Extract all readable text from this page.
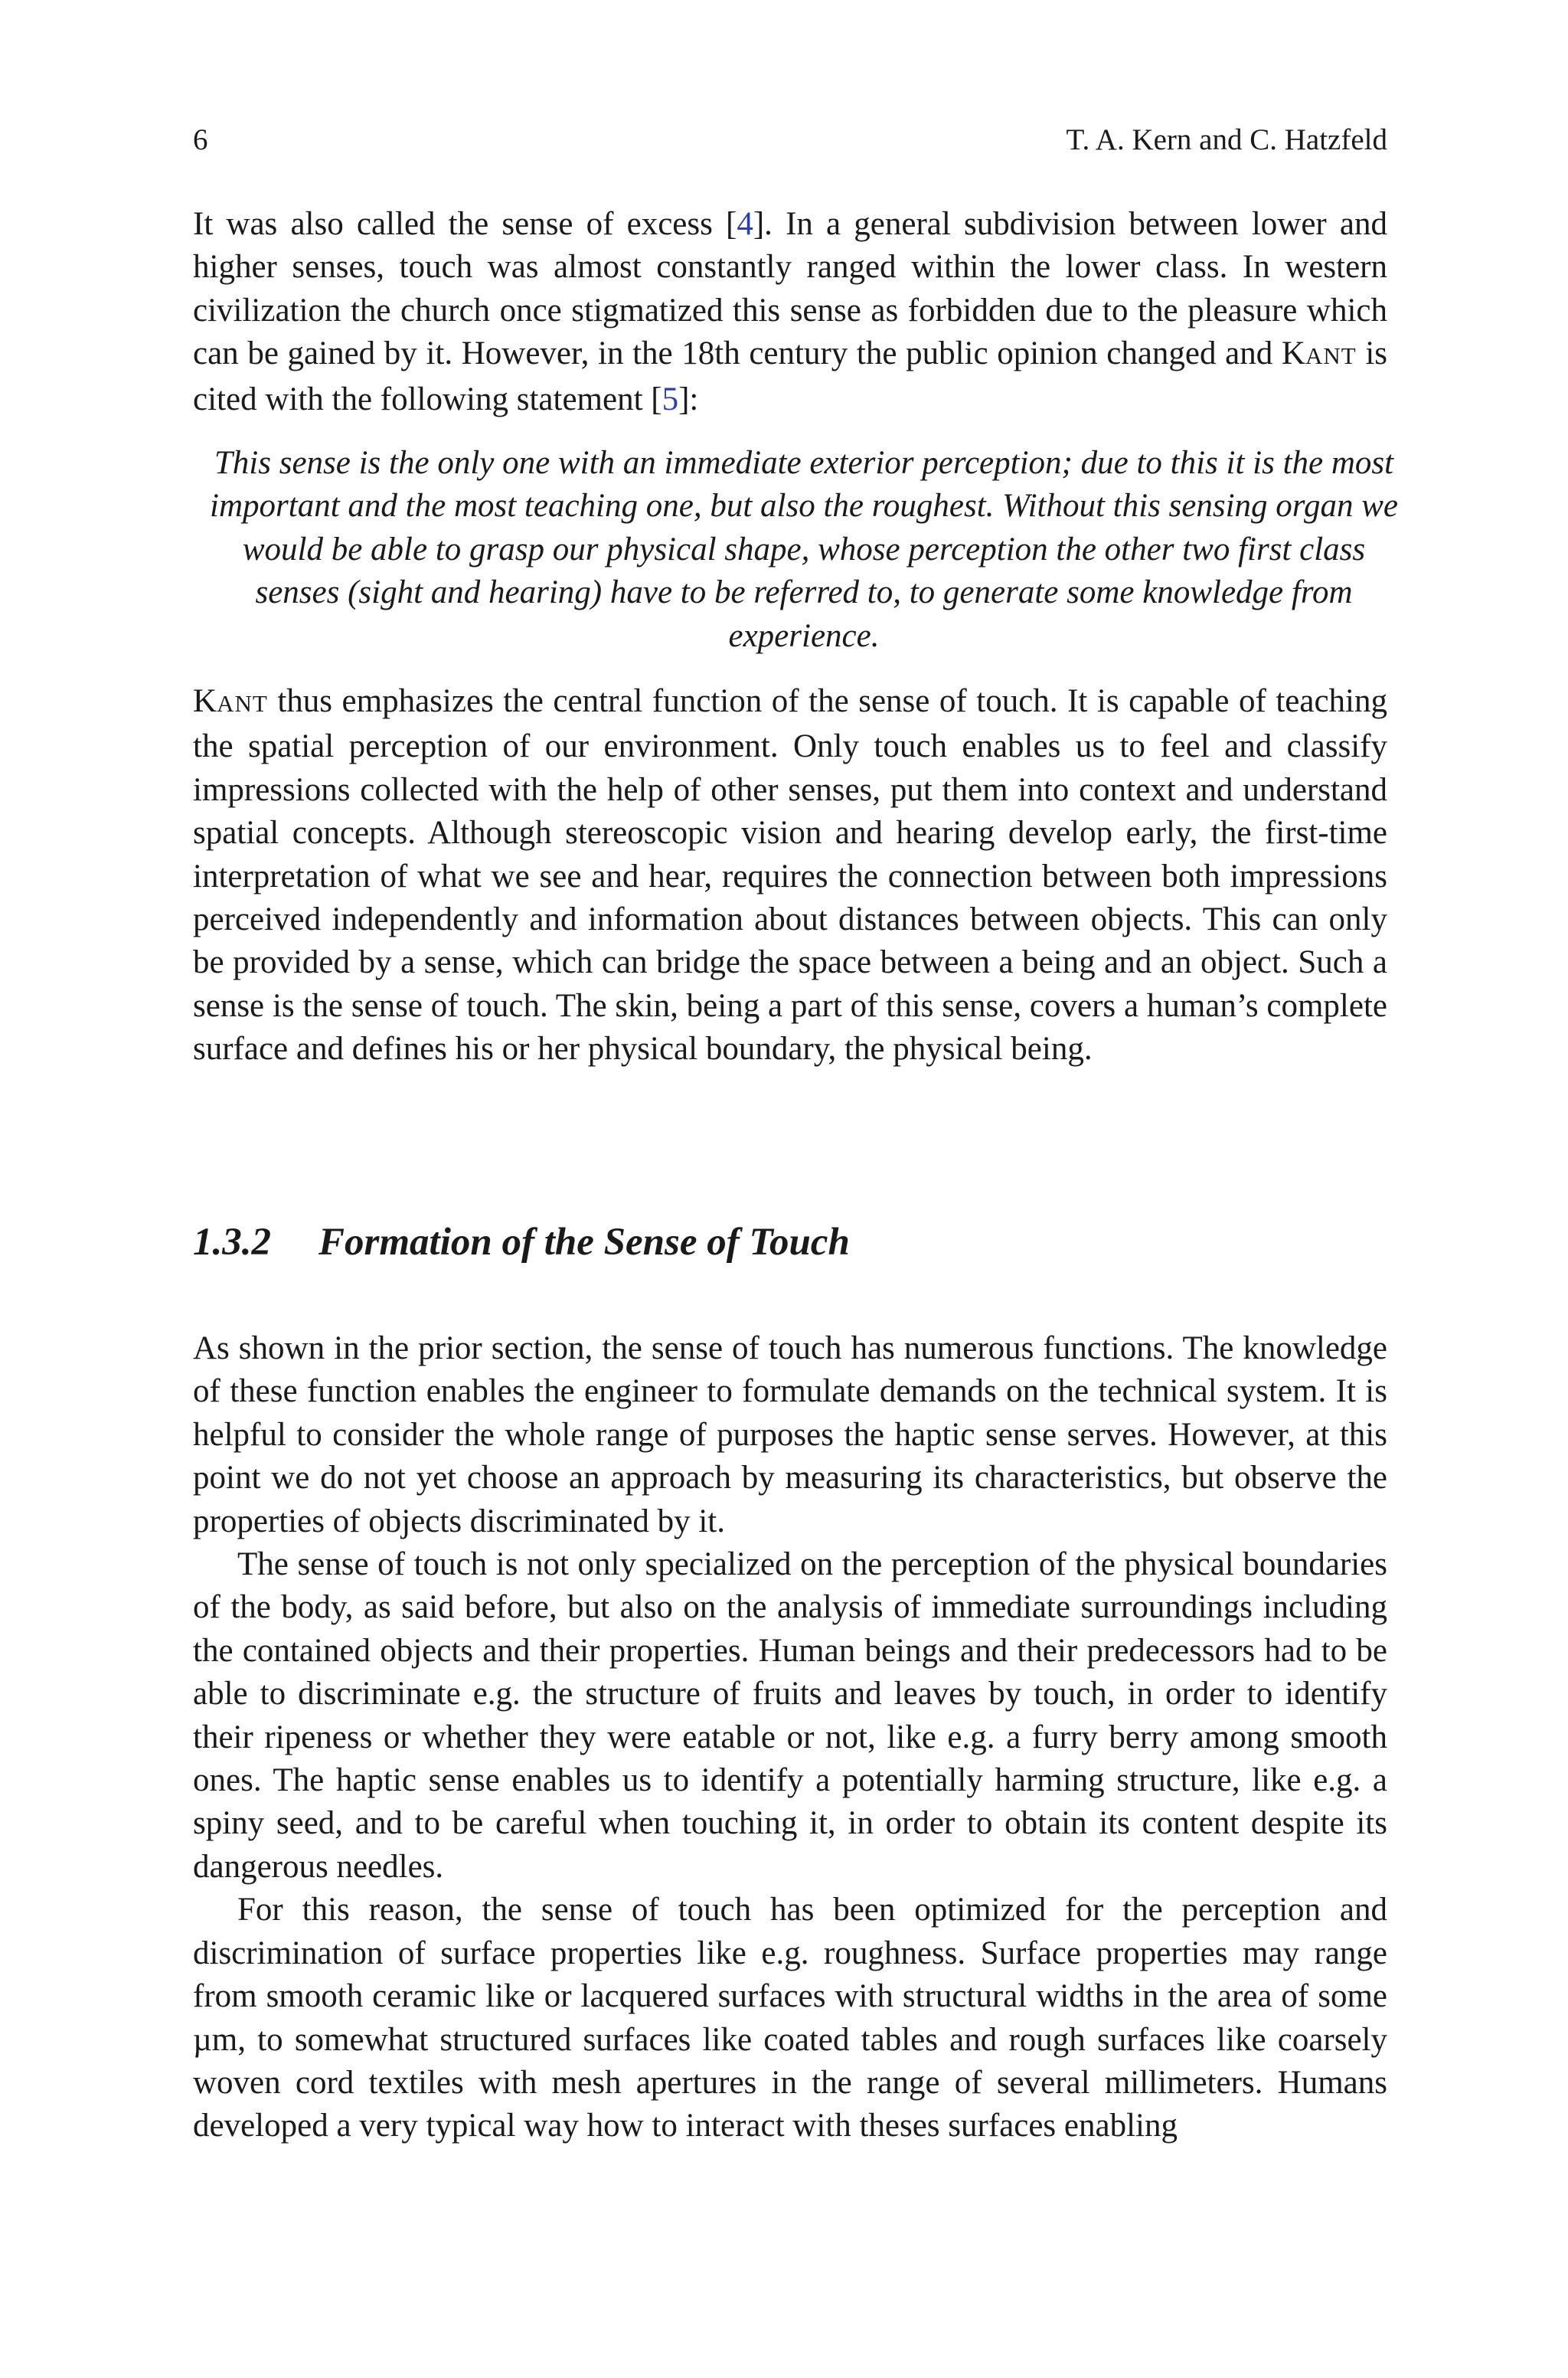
6	T. A. Kern and C. Hatzfeld

It was also called the sense of excess [4]. In a general subdivision between lower and higher senses, touch was almost constantly ranged within the lower class. In western civilization the church once stigmatized this sense as forbidden due to the pleasure which can be gained by it. However, in the 18th century the public opinion changed and KANT is cited with the following statement [5]:

This sense is the only one with an immediate exterior perception; due to this it is the most important and the most teaching one, but also the roughest. Without this sensing organ we would be able to grasp our physical shape, whose perception the other two first class senses (sight and hearing) have to be referred to, to generate some knowledge from experience.

KANT thus emphasizes the central function of the sense of touch. It is capable of teaching the spatial perception of our environment. Only touch enables us to feel and classify impressions collected with the help of other senses, put them into context and understand spatial concepts. Although stereoscopic vision and hearing develop early, the first-time interpretation of what we see and hear, requires the connection between both impressions perceived independently and information about distances between objects. This can only be provided by a sense, which can bridge the space between a being and an object. Such a sense is the sense of touch. The skin, being a part of this sense, covers a human’s complete surface and defines his or her physical boundary, the physical being.

1.3.2 Formation of the Sense of Touch

As shown in the prior section, the sense of touch has numerous functions. The knowledge of these function enables the engineer to formulate demands on the technical system. It is helpful to consider the whole range of purposes the haptic sense serves. However, at this point we do not yet choose an approach by measuring its characteristics, but observe the properties of objects discriminated by it.

The sense of touch is not only specialized on the perception of the physical boundaries of the body, as said before, but also on the analysis of immediate surroundings including the contained objects and their properties. Human beings and their predecessors had to be able to discriminate e.g. the structure of fruits and leaves by touch, in order to identify their ripeness or whether they were eatable or not, like e.g. a furry berry among smooth ones. The haptic sense enables us to identify a potentially harming structure, like e.g. a spiny seed, and to be careful when touching it, in order to obtain its content despite its dangerous needles.

For this reason, the sense of touch has been optimized for the perception and discrimination of surface properties like e.g. roughness. Surface properties may range from smooth ceramic like or lacquered surfaces with structural widths in the area of some µm, to somewhat structured surfaces like coated tables and rough surfaces like coarsely woven cord textiles with mesh apertures in the range of several millimeters. Humans developed a very typical way how to interact with theses surfaces enabling
